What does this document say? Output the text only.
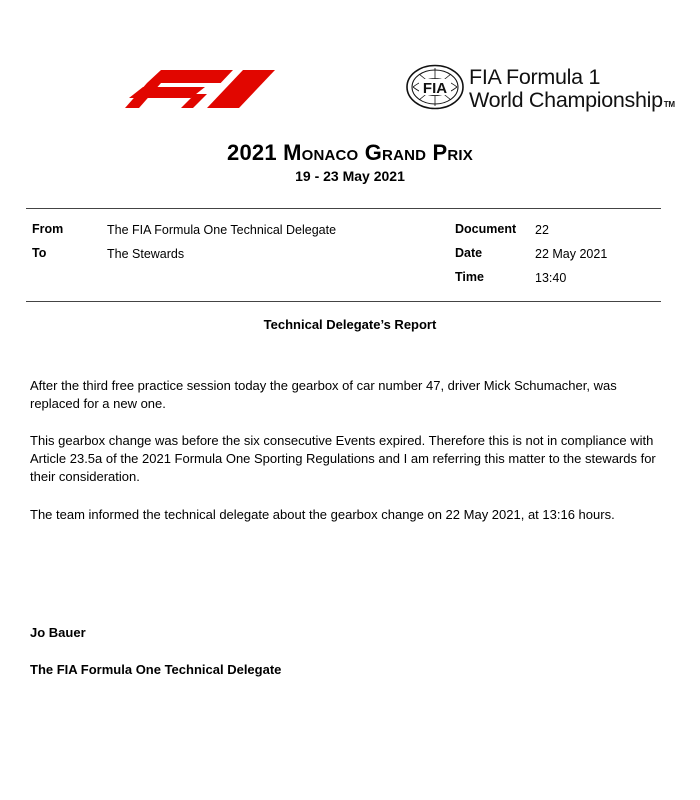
FIA FIA Formula 1
World ChampionshipTM
2021 Monaco Grand Prix
19 - 23 May 2021
From	The FIA Formula One Technical Delegate
To	The Stewards
Document 22
Date	22 May 2021
Time	13:40
Technical Delegate’s Report
After the third free practice session today the gearbox of car number 47, driver Mick Schumacher, was replaced for a new one.
This gearbox change was before the six consecutive Events expired. Therefore this is not in compliance with Article 23.5a of the 2021 Formula One Sporting Regulations and I am referring this matter to the stewards for their consideration.
The team informed the technical delegate about the gearbox change on 22 May 2021, at 13:16 hours.
Jo Bauer
The FIA Formula One Technical Delegate
